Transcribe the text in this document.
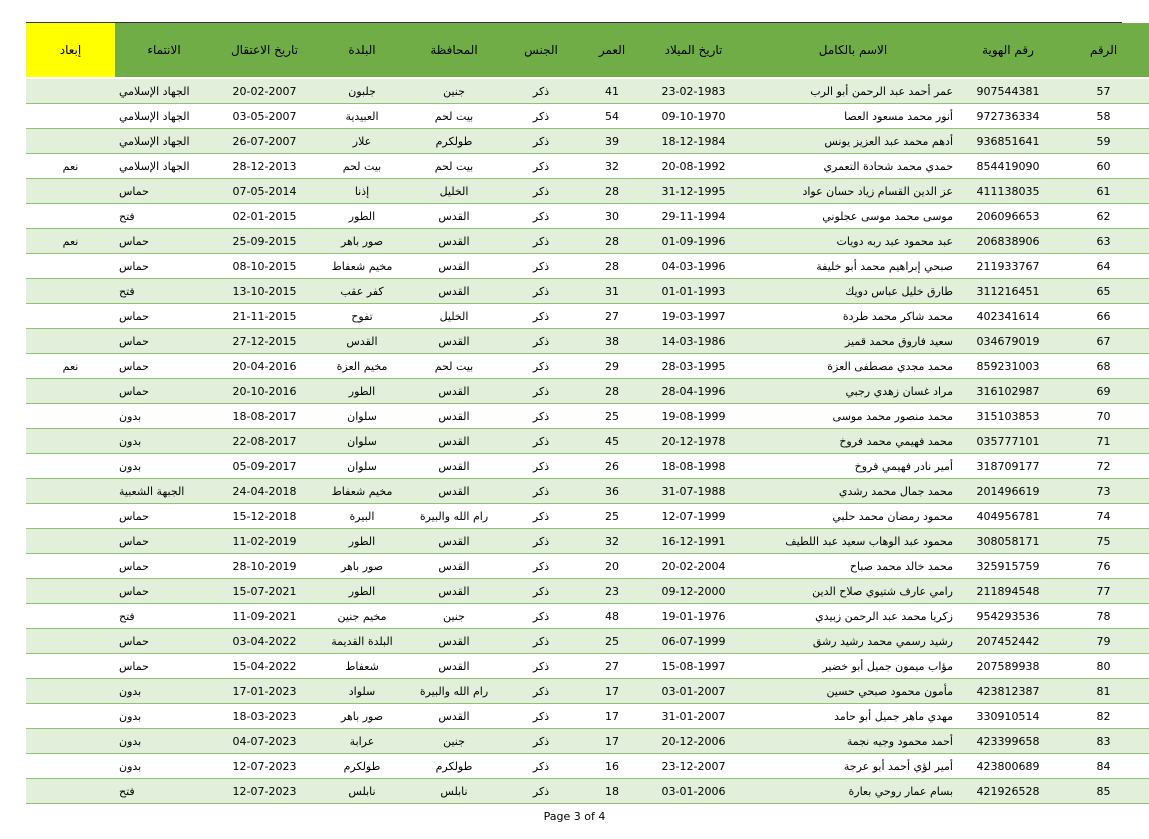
الرقم	رقم الهوية	الاسم بالكامل	تاريخ الميلاد	العمر	الجنس	المحافظة	البلدة	تاريخ الاعتقال	الانتماء	إبعاد
57	907544381	عمر أحمد عبد الرحمن أبو الرب	23-02-1983	41	ذكر	جنين	جلبون	20-02-2007	الجهاد الإسلامي	
58	972736334	أنور محمد مسعود العصا	09-10-1970	54	ذكر	بيت لحم	العبيدية	03-05-2007	الجهاد الإسلامي	
59	936851641	أدهم محمد عبد العزيز يونس	18-12-1984	39	ذكر	طولكرم	علار	26-07-2007	الجهاد الإسلامي	
60	854419090	حمدي محمد شحادة التعمري	20-08-1992	32	ذكر	بيت لحم	بيت لحم	28-12-2013	الجهاد الإسلامي	نعم
61	411138035	عز الدين القسام زياد حسان عواد	31-12-1995	28	ذكر	الخليل	إذنا	07-05-2014	حماس	
62	206096653	موسى محمد موسى عجلوني	29-11-1994	30	ذكر	القدس	الطور	02-01-2015	فتح	
63	206838906	عبد محمود عبد ربه دويات	01-09-1996	28	ذكر	القدس	صور باهر	25-09-2015	حماس	نعم
64	211933767	صبحي إبراهيم محمد أبو خليفة	04-03-1996	28	ذكر	القدس	مخيم شعفاط	08-10-2015	حماس	
65	311216451	طارق خليل عباس دويك	01-01-1993	31	ذكر	القدس	كفر عقب	13-10-2015	فتح	
66	402341614	محمد شاكر محمد طردة	19-03-1997	27	ذكر	الخليل	تفوح	21-11-2015	حماس	
67	034679019	سعيد فاروق محمد قميز	14-03-1986	38	ذكر	القدس	القدس	27-12-2015	حماس	
68	859231003	محمد مجدي مصطفى العزة	28-03-1995	29	ذكر	بيت لحم	مخيم العزة	20-04-2016	حماس	نعم
69	316102987	مراد غسان زهدي رجبي	28-04-1996	28	ذكر	القدس	الطور	20-10-2016	حماس	
70	315103853	محمد منصور محمد موسى	19-08-1999	25	ذكر	القدس	سلوان	18-08-2017	بدون	
71	035777101	محمد فهيمي محمد فروخ	20-12-1978	45	ذكر	القدس	سلوان	22-08-2017	بدون	
72	318709177	أمير نادر فهيمي فروخ	18-08-1998	26	ذكر	القدس	سلوان	05-09-2017	بدون	
73	201496619	محمد جمال محمد رشدي	31-07-1988	36	ذكر	القدس	مخيم شعفاط	24-04-2018	الجبهة الشعبية	
74	404956781	محمود رمضان محمد حلبي	12-07-1999	25	ذكر	رام الله والبيرة	البيرة	15-12-2018	حماس	
75	308058171	محمود عبد الوهاب سعيد عبد اللطيف	16-12-1991	32	ذكر	القدس	الطور	11-02-2019	حماس	
76	325915759	محمد خالد محمد صباح	20-02-2004	20	ذكر	القدس	صور باهر	28-10-2019	حماس	
77	211894548	رامي عارف شتيوي صلاح الدين	09-12-2000	23	ذكر	القدس	الطور	15-07-2021	حماس	
78	954293536	زكريا محمد عبد الرحمن زبيدي	19-01-1976	48	ذكر	جنين	مخيم جنين	11-09-2021	فتح	
79	207452442	رشيد رسمي محمد رشيد رشق	06-07-1999	25	ذكر	القدس	البلدة القديمة	03-04-2022	حماس	
80	207589938	مؤاب ميمون جميل أبو خضير	15-08-1997	27	ذكر	القدس	شعفاط	15-04-2022	حماس	
81	423812387	مأمون محمود صبحي حسين	03-01-2007	17	ذكر	رام الله والبيرة	سلواد	17-01-2023	بدون	
82	330910514	مهدي ماهر جميل أبو حامد	31-01-2007	17	ذكر	القدس	صور باهر	18-03-2023	بدون	
83	423399658	أحمد محمود وجيه نجمة	20-12-2006	17	ذكر	جنين	عرابة	04-07-2023	بدون	
84	423800689	أمير لؤي أحمد أبو عرجة	23-12-2007	16	ذكر	طولكرم	طولكرم	12-07-2023	بدون	
85	421926528	بسام عمار روحي بعارة	03-01-2006	18	ذكر	نابلس	نابلس	12-07-2023	فتح	
Page 3 of 4
